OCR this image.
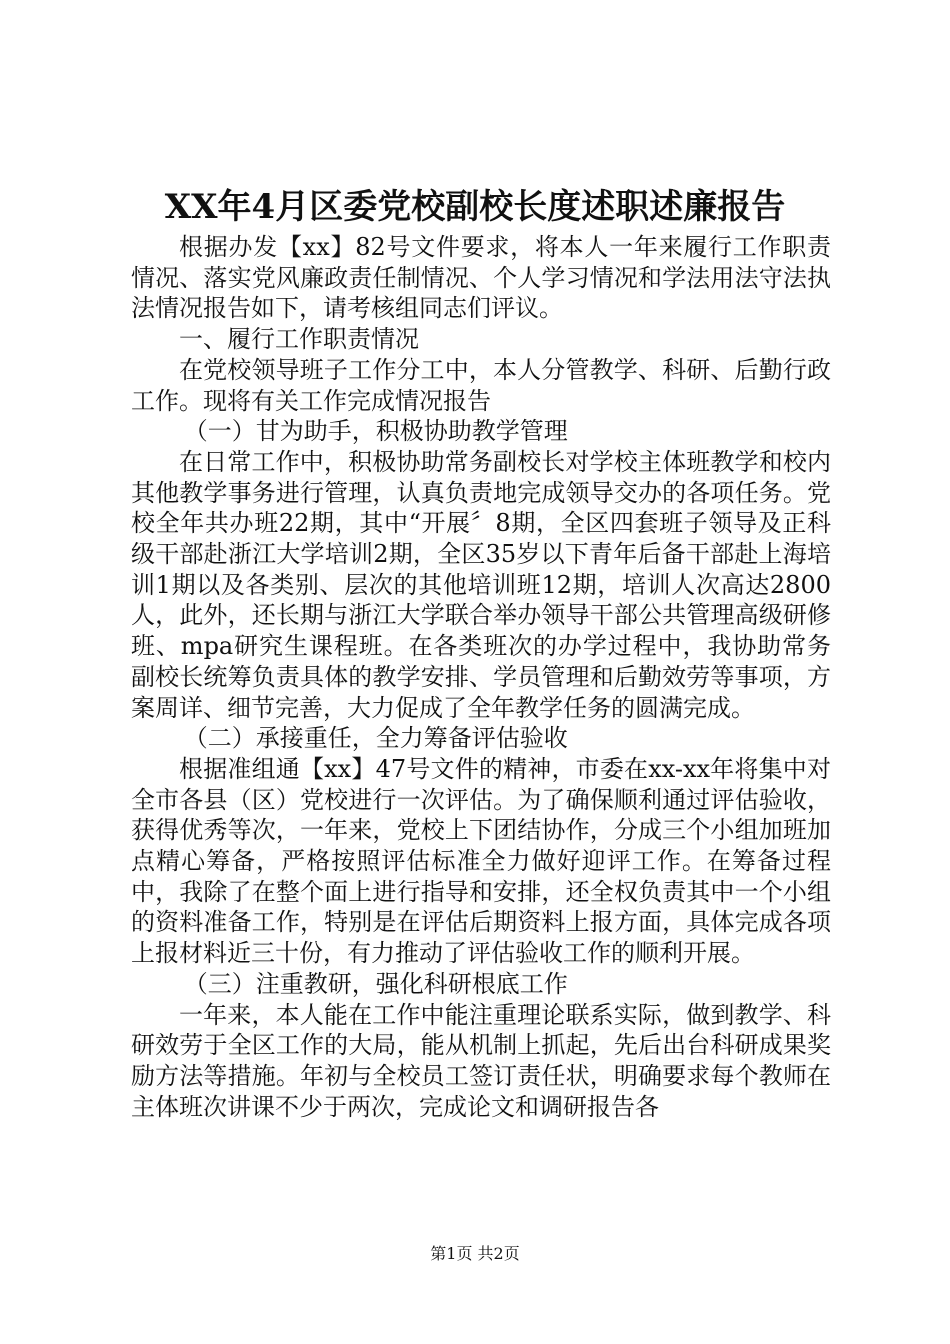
XX年4月区委党校副校长度述职述廉报告

根据办发【xx】82号文件要求，将本人一年来履行工作职责情况、落实党风廉政责任制情况、个人学习情况和学法用法守法执法情况报告如下，请考核组同志们评议。

一、履行工作职责情况

在党校领导班子工作分工中，本人分管教学、科研、后勤行政工作。现将有关工作完成情况报告

（一）甘为助手，积极协助教学管理

在日常工作中，积极协助常务副校长对学校主体班教学和校内其他教学事务进行管理，认真负责地完成领导交办的各项任务。党校全年共办班22期，其中“开展〞8期，全区四套班子领导及正科级干部赴浙江大学培训2期，全区35岁以下青年后备干部赴上海培训1期以及各类别、层次的其他培训班12期，培训人次高达2800人，此外，还长期与浙江大学联合举办领导干部公共管理高级研修班、mpa研究生课程班。在各类班次的办学过程中，我协助常务副校长统筹负责具体的教学安排、学员管理和后勤效劳等事项，方案周详、细节完善，大力促成了全年教学任务的圆满完成。

（二）承接重任，全力筹备评估验收

根据准组通【xx】47号文件的精神，市委在xx-xx年将集中对全市各县（区）党校进行一次评估。为了确保顺利通过评估验收，获得优秀等次，一年来，党校上下团结协作，分成三个小组加班加点精心筹备，严格按照评估标准全力做好迎评工作。在筹备过程中，我除了在整个面上进行指导和安排，还全权负责其中一个小组的资料准备工作，特别是在评估后期资料上报方面，具体完成各项上报材料近三十份，有力推动了评估验收工作的顺利开展。

（三）注重教研，强化科研根底工作

一年来，本人能在工作中能注重理论联系实际，做到教学、科研效劳于全区工作的大局，能从机制上抓起，先后出台科研成果奖励方法等措施。年初与全校员工签订责任状，明确要求每个教师在主体班次讲课不少于两次，完成论文和调研报告各

第1页 共2页
